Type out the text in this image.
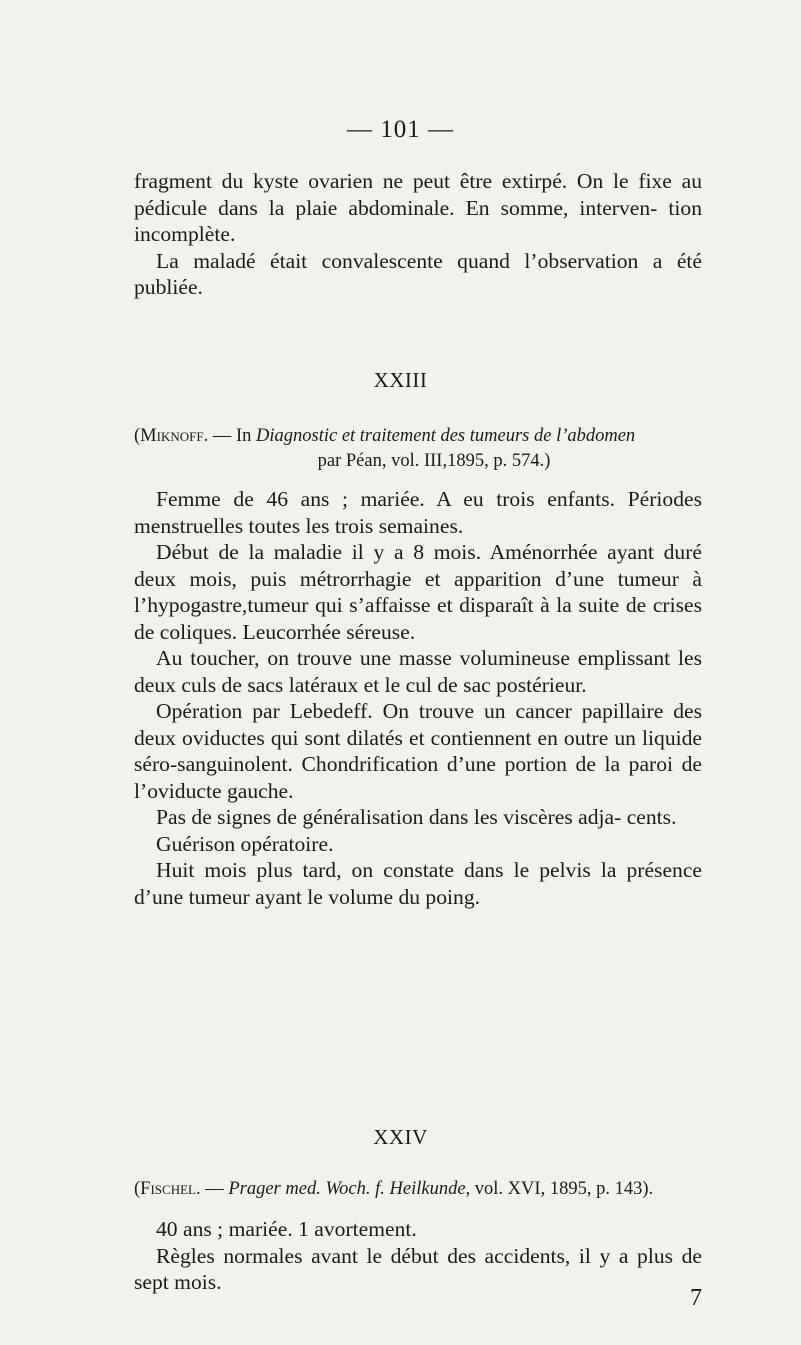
— 101 —

fragment du kyste ovarien ne peut être extirpé. On le fixe au pédicule dans la plaie abdominale. En somme, interven- tion incomplète.

La maladé était convalescente quand l’observation a été publiée.

XXIII
(Miknoff. — In Diagnostic et traitement des tumeurs de l’abdomen
par Péan, vol. III,1895, p. 574.)

Femme de 46 ans ; mariée. A eu trois enfants. Périodes menstruelles toutes les trois semaines.

Début de la maladie il y a 8 mois. Aménorrhée ayant duré deux mois, puis métrorrhagie et apparition d’une tumeur à l’hypogastre,tumeur qui s’affaisse et disparaît à la suite de crises de coliques. Leucorrhée séreuse.

Au toucher, on trouve une masse volumineuse emplissant les deux culs de sacs latéraux et le cul de sac postérieur.

Opération par Lebedeff. On trouve un cancer papillaire des deux oviductes qui sont dilatés et contiennent en outre un liquide séro-sanguinolent. Chondrification d’une portion de la paroi de l’oviducte gauche.

Pas de signes de généralisation dans les viscères adja- cents.

Guérison opératoire.

Huit mois plus tard, on constate dans le pelvis la présence d’une tumeur ayant le volume du poing.

XXIV
(Fischel. — Prager med. Woch. f. Heilkunde, vol. XVI, 1895, p. 143).

40 ans ; mariée. 1 avortement.

Règles normales avant le début des accidents, il y a plus de sept mois.

7
